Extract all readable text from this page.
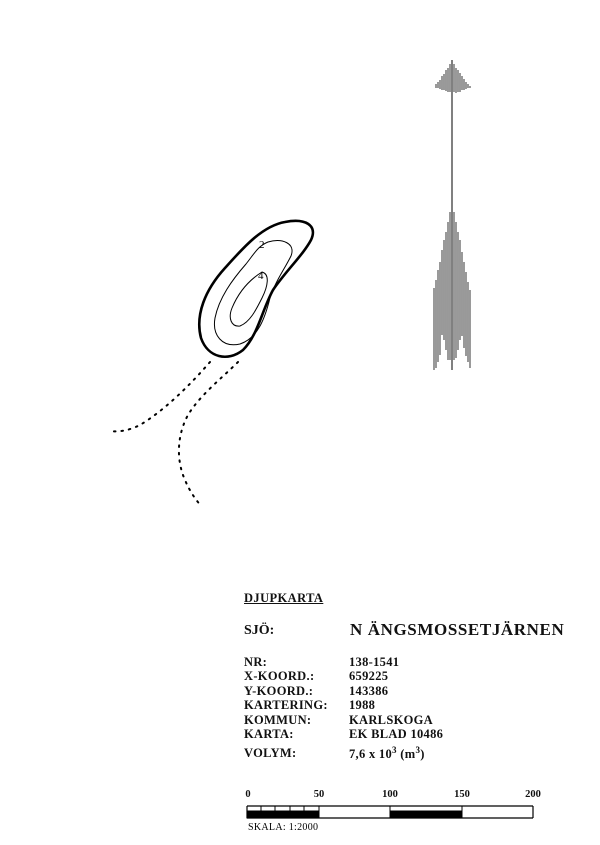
2
4
DJUPKARTA
SJÖ:	N ÄNGSMOSSETJÄRNEN
NR:	138-1541
X-KOORD.:	659225
Y-KOORD.:	143386
KARTERING: 1988
KOMMUN:	KARLSKOGA
KARTA:	EK BLAD 10486
VOLYM:	7,6 x $10^3$ $(m^3)$
0	50	100	150	200
SKALA: 1:2000
